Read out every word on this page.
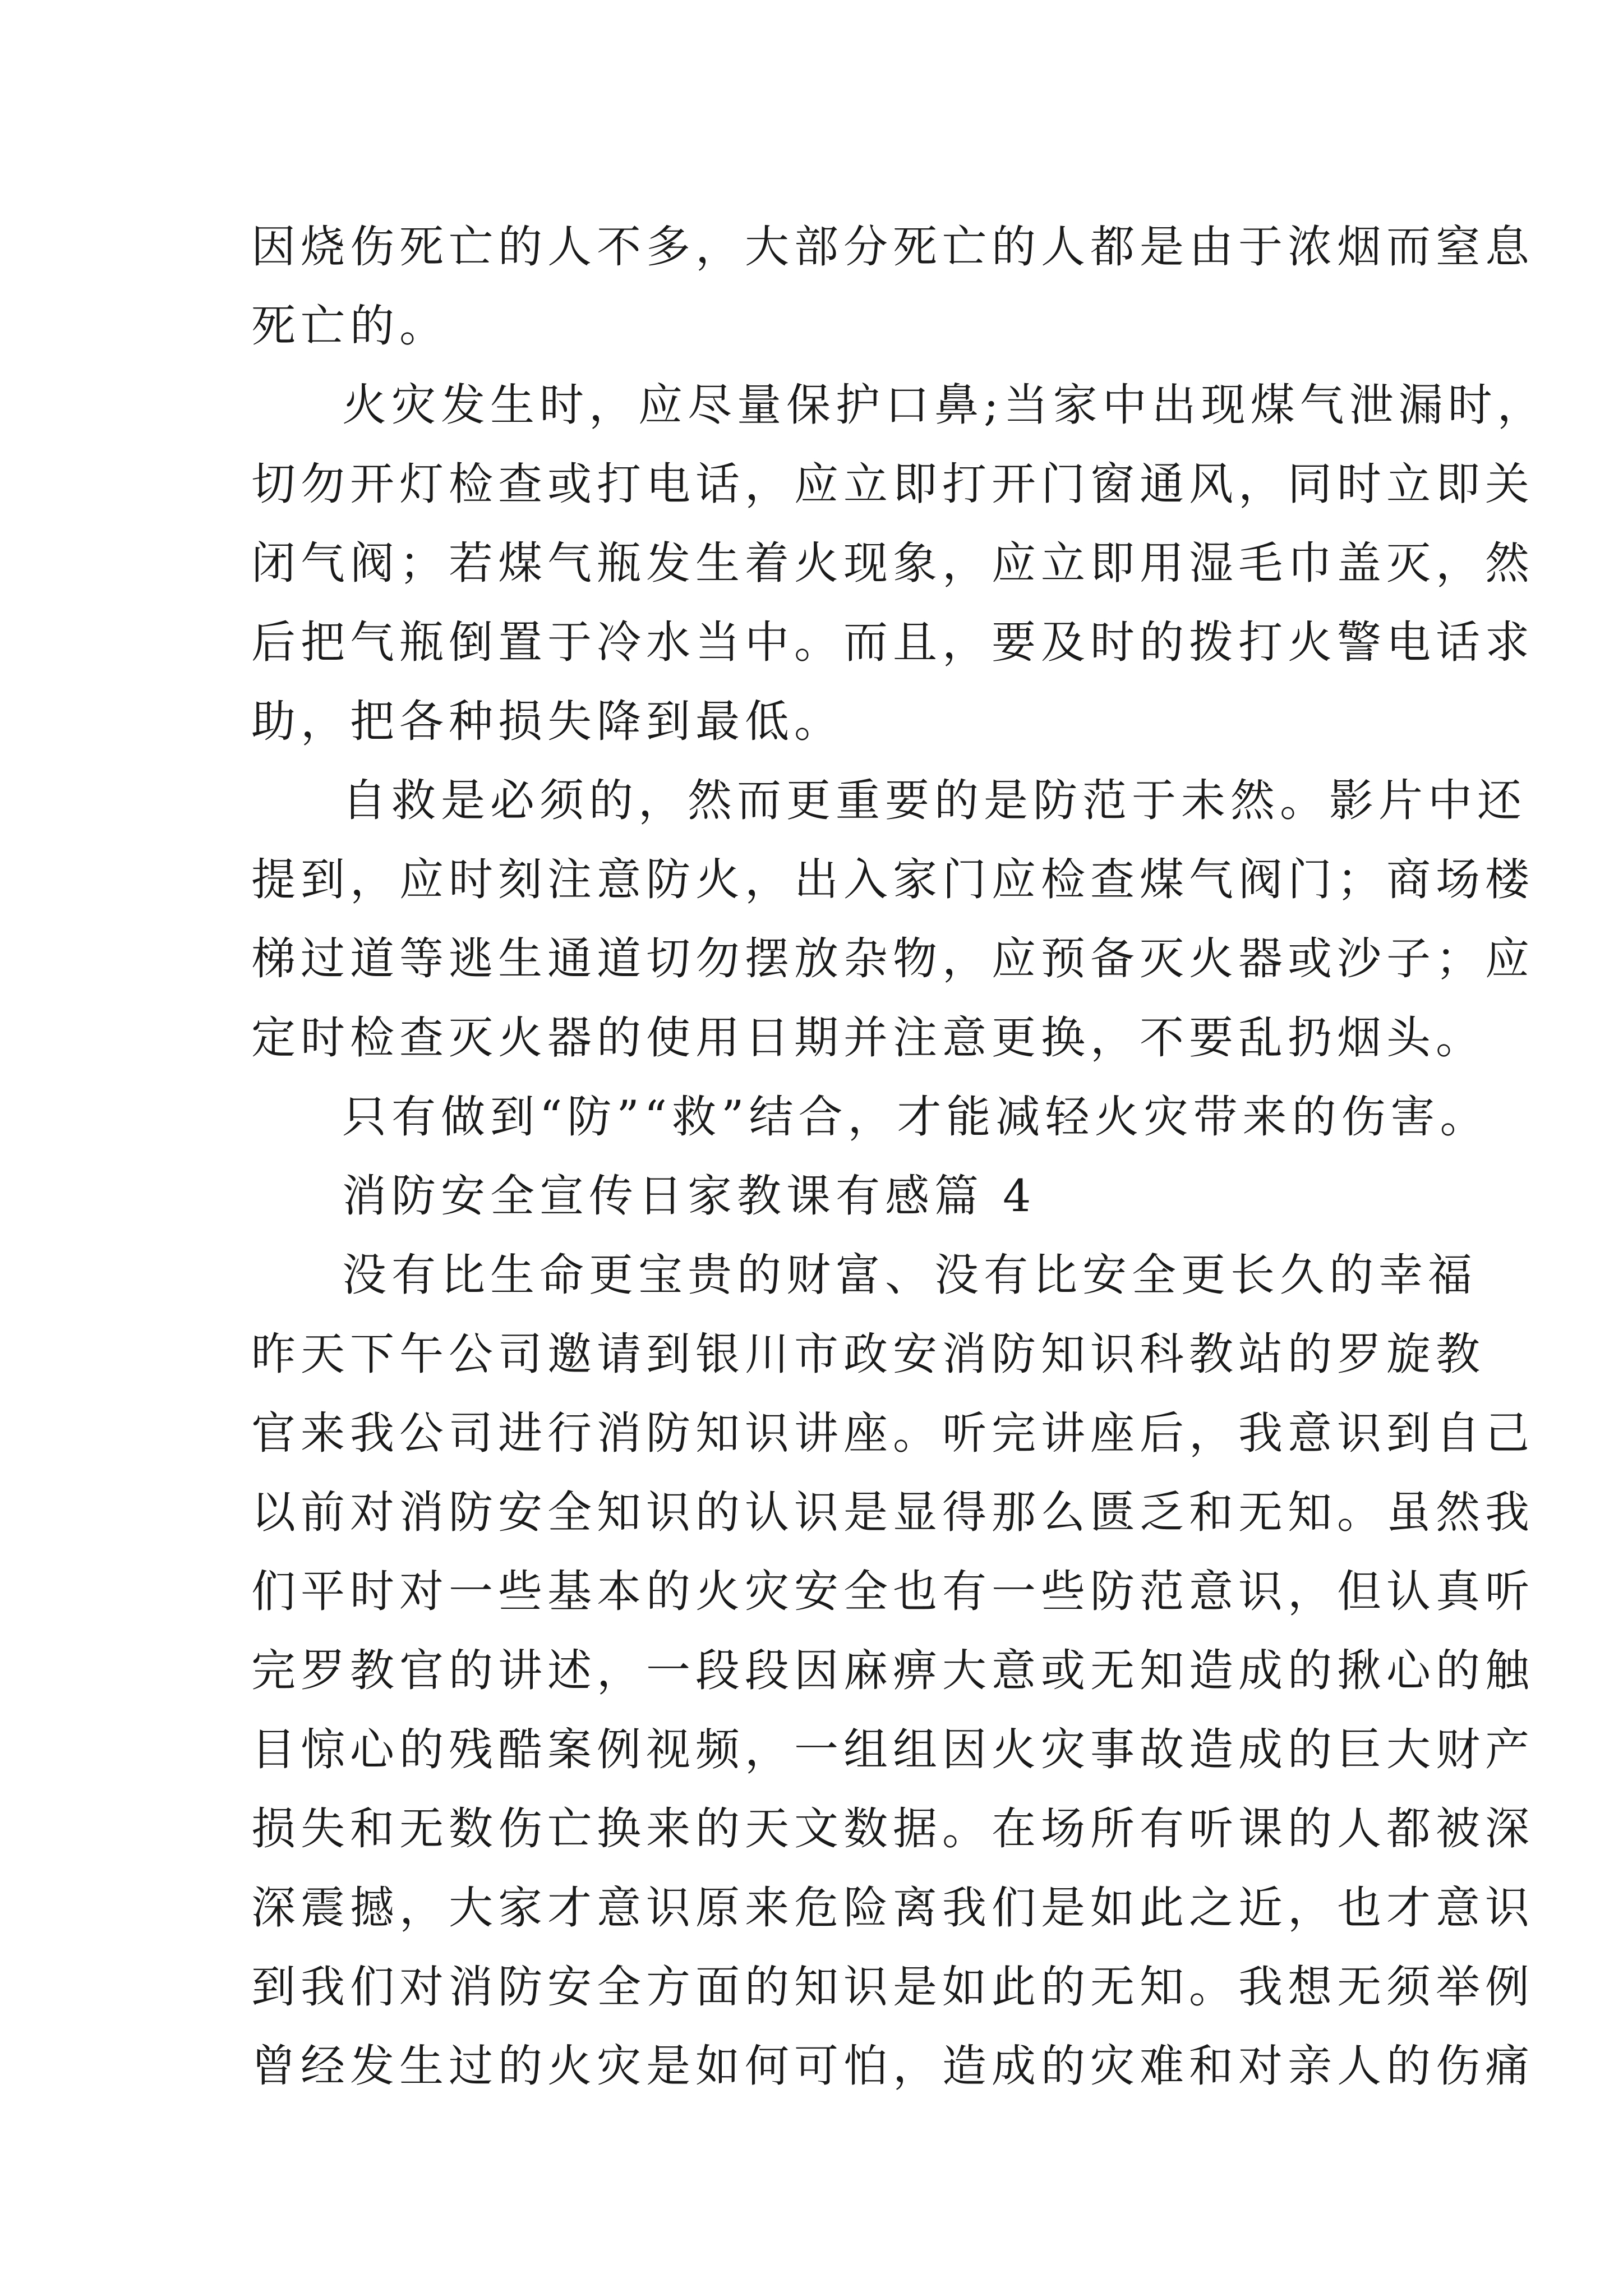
因烧伤死亡的人不多，大部分死亡的人都是由于浓烟而窒息
死亡的。
火灾发生时，应尽量保护口鼻;当家中出现煤气泄漏时，
切勿开灯检查或打电话，应立即打开门窗通风，同时立即关
闭气阀；若煤气瓶发生着火现象，应立即用湿毛巾盖灭，然
后把气瓶倒置于冷水当中。而且，要及时的拨打火警电话求
助，把各种损失降到最低。
自救是必须的，然而更重要的是防范于未然。影片中还
提到，应时刻注意防火，出入家门应检查煤气阀门；商场楼
梯过道等逃生通道切勿摆放杂物，应预备灭火器或沙子；应
定时检查灭火器的使用日期并注意更换，不要乱扔烟头。
只有做到“防”“救”结合，才能减轻火灾带来的伤害。
消防安全宣传日家教课有感篇 4
没有比生命更宝贵的财富、没有比安全更长久的幸福
昨天下午公司邀请到银川市政安消防知识科教站的罗旋教
官来我公司进行消防知识讲座。听完讲座后，我意识到自己
以前对消防安全知识的认识是显得那么匮乏和无知。虽然我
们平时对一些基本的火灾安全也有一些防范意识，但认真听
完罗教官的讲述，一段段因麻痹大意或无知造成的揪心的触
目惊心的残酷案例视频，一组组因火灾事故造成的巨大财产
损失和无数伤亡换来的天文数据。在场所有听课的人都被深
深震撼，大家才意识原来危险离我们是如此之近，也才意识
到我们对消防安全方面的知识是如此的无知。我想无须举例
曾经发生过的火灾是如何可怕，造成的灾难和对亲人的伤痛
